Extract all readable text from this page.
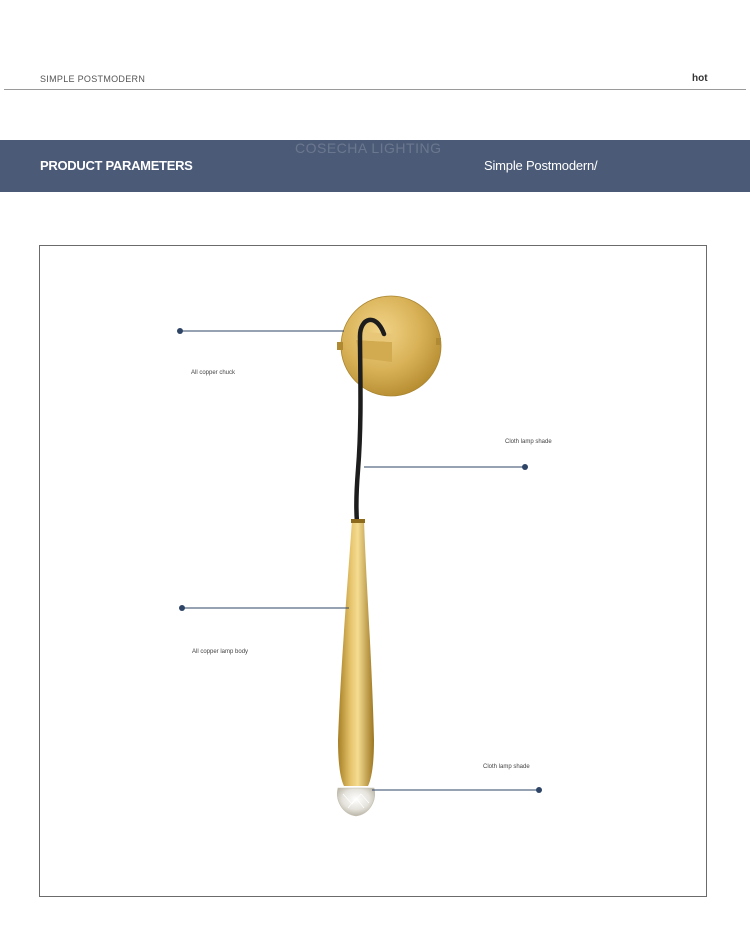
SIMPLE POSTMODERN	hot
COSECHA LIGHTING
PRODUCT PARAMETERS	Simple Postmodern/
All copper chuck
Cloth lamp shade
All copper lamp body
Cloth lamp shade
